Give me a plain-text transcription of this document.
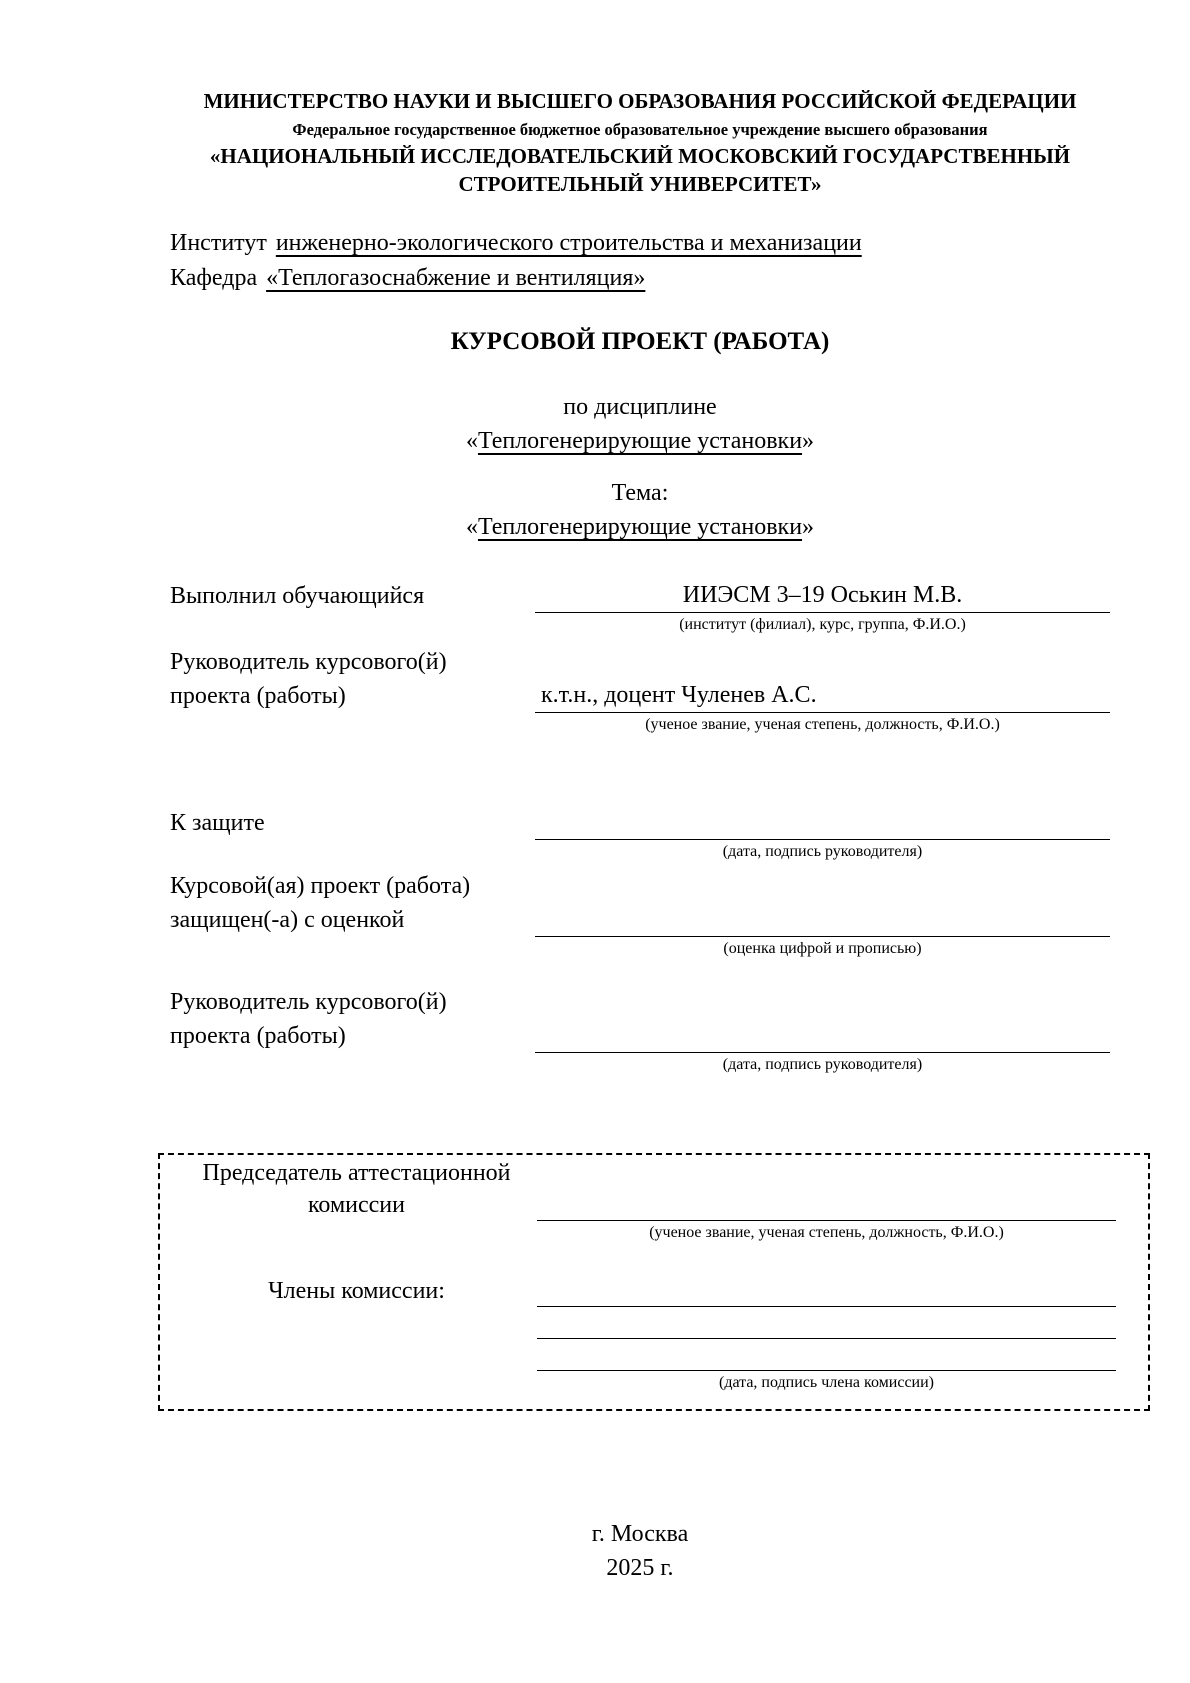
МИНИСТЕРСТВО НАУКИ И ВЫСШЕГО ОБРАЗОВАНИЯ РОССИЙСКОЙ ФЕДЕРАЦИИ
Федеральное государственное бюджетное образовательное учреждение высшего образования
«НАЦИОНАЛЬНЫЙ ИССЛЕДОВАТЕЛЬСКИЙ МОСКОВСКИЙ ГОСУДАРСТВЕННЫЙ СТРОИТЕЛЬНЫЙ УНИВЕРСИТЕТ»
Институт инженерно-экологического строительства и механизации
Кафедра «Теплогазоснабжение и вентиляция»
КУРСОВОЙ ПРОЕКТ (РАБОТА)
по дисциплине
«Теплогенерирующие установки»
Тема:
«Теплогенерирующие установки»
Выполнил обучающийся	ИИЭСМ 3–19 Оськин М.В.
(институт (филиал), курс, группа, Ф.И.О.)
Руководитель курсового(й)
проекта (работы)	к.т.н., доцент Чуленев А.С.
(ученое звание, ученая степень, должность, Ф.И.О.)
К защите
(дата, подпись руководителя)
Курсовой(ая) проект (работа)
защищен(-а) с оценкой
(оценка цифрой и прописью)
Руководитель курсового(й)
проекта (работы)
(дата, подпись руководителя)
Председатель аттестационной
комиссии
(ученое звание, ученая степень, должность, Ф.И.О.)
Члены комиссии:
(дата, подпись члена комиссии)
г. Москва
2025 г.
